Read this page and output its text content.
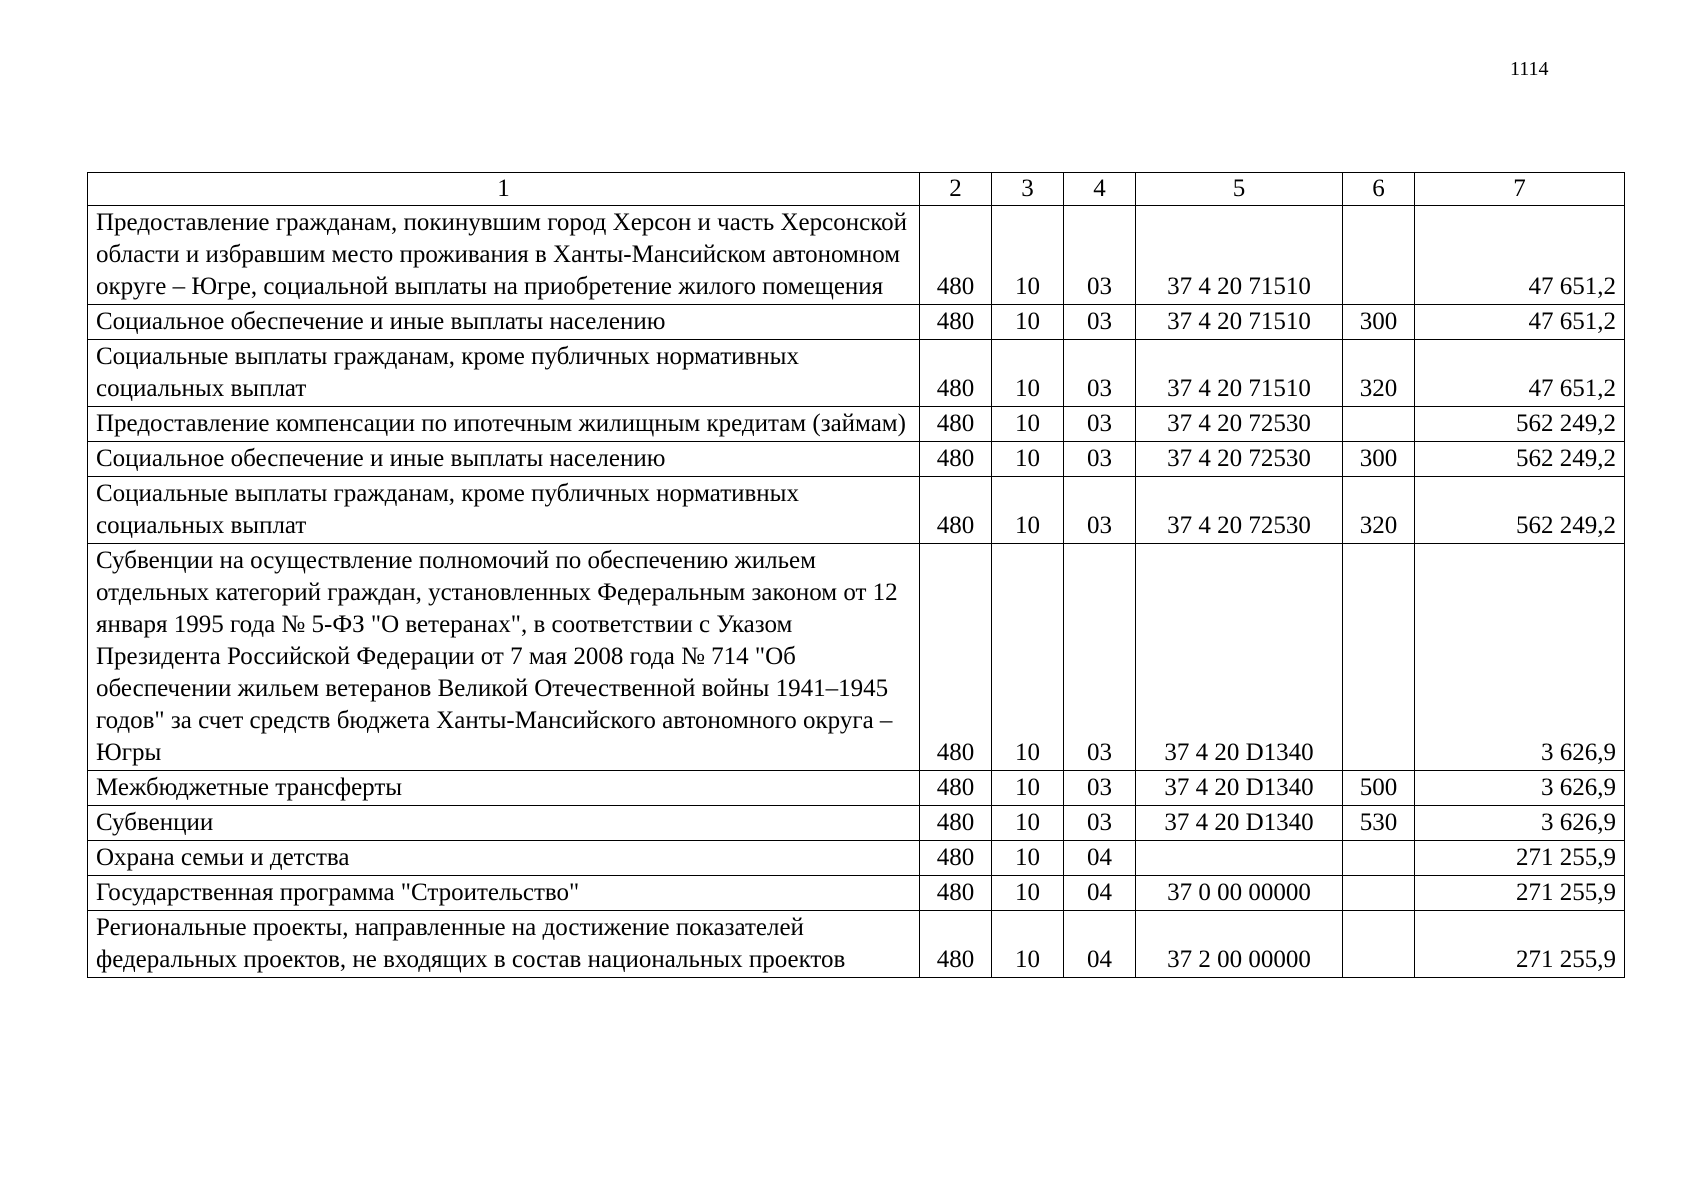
1114
1	2	3	4	5	6	7
Предоставление гражданам, покинувшим город Херсон и часть Херсонской области и избравшим место проживания в Ханты-Мансийском автономном округе – Югре, социальной выплаты на приобретение жилого помещения	480	10	03	37 4 20 71510		47 651,2
Социальное обеспечение и иные выплаты населению	480	10	03	37 4 20 71510	300	47 651,2
Социальные выплаты гражданам, кроме публичных нормативных социальных выплат	480	10	03	37 4 20 71510	320	47 651,2
Предоставление компенсации по ипотечным жилищным кредитам (займам)	480	10	03	37 4 20 72530		562 249,2
Социальное обеспечение и иные выплаты населению	480	10	03	37 4 20 72530	300	562 249,2
Социальные выплаты гражданам, кроме публичных нормативных социальных выплат	480	10	03	37 4 20 72530	320	562 249,2
Субвенции на осуществление полномочий по обеспечению жильем отдельных категорий граждан, установленных Федеральным законом от 12 января 1995 года № 5-ФЗ "О ветеранах", в соответствии с Указом Президента Российской Федерации от 7 мая 2008 года № 714 "Об обеспечении жильем ветеранов Великой Отечественной войны 1941–1945 годов" за счет средств бюджета Ханты-Мансийского автономного округа – Югры	480	10	03	37 4 20 D1340		3 626,9
Межбюджетные трансферты	480	10	03	37 4 20 D1340	500	3 626,9
Субвенции	480	10	03	37 4 20 D1340	530	3 626,9
Охрана семьи и детства	480	10	04			271 255,9
Государственная программа "Строительство"	480	10	04	37 0 00 00000		271 255,9
Региональные проекты, направленные на достижение показателей федеральных проектов, не входящих в состав национальных проектов	480	10	04	37 2 00 00000		271 255,9
